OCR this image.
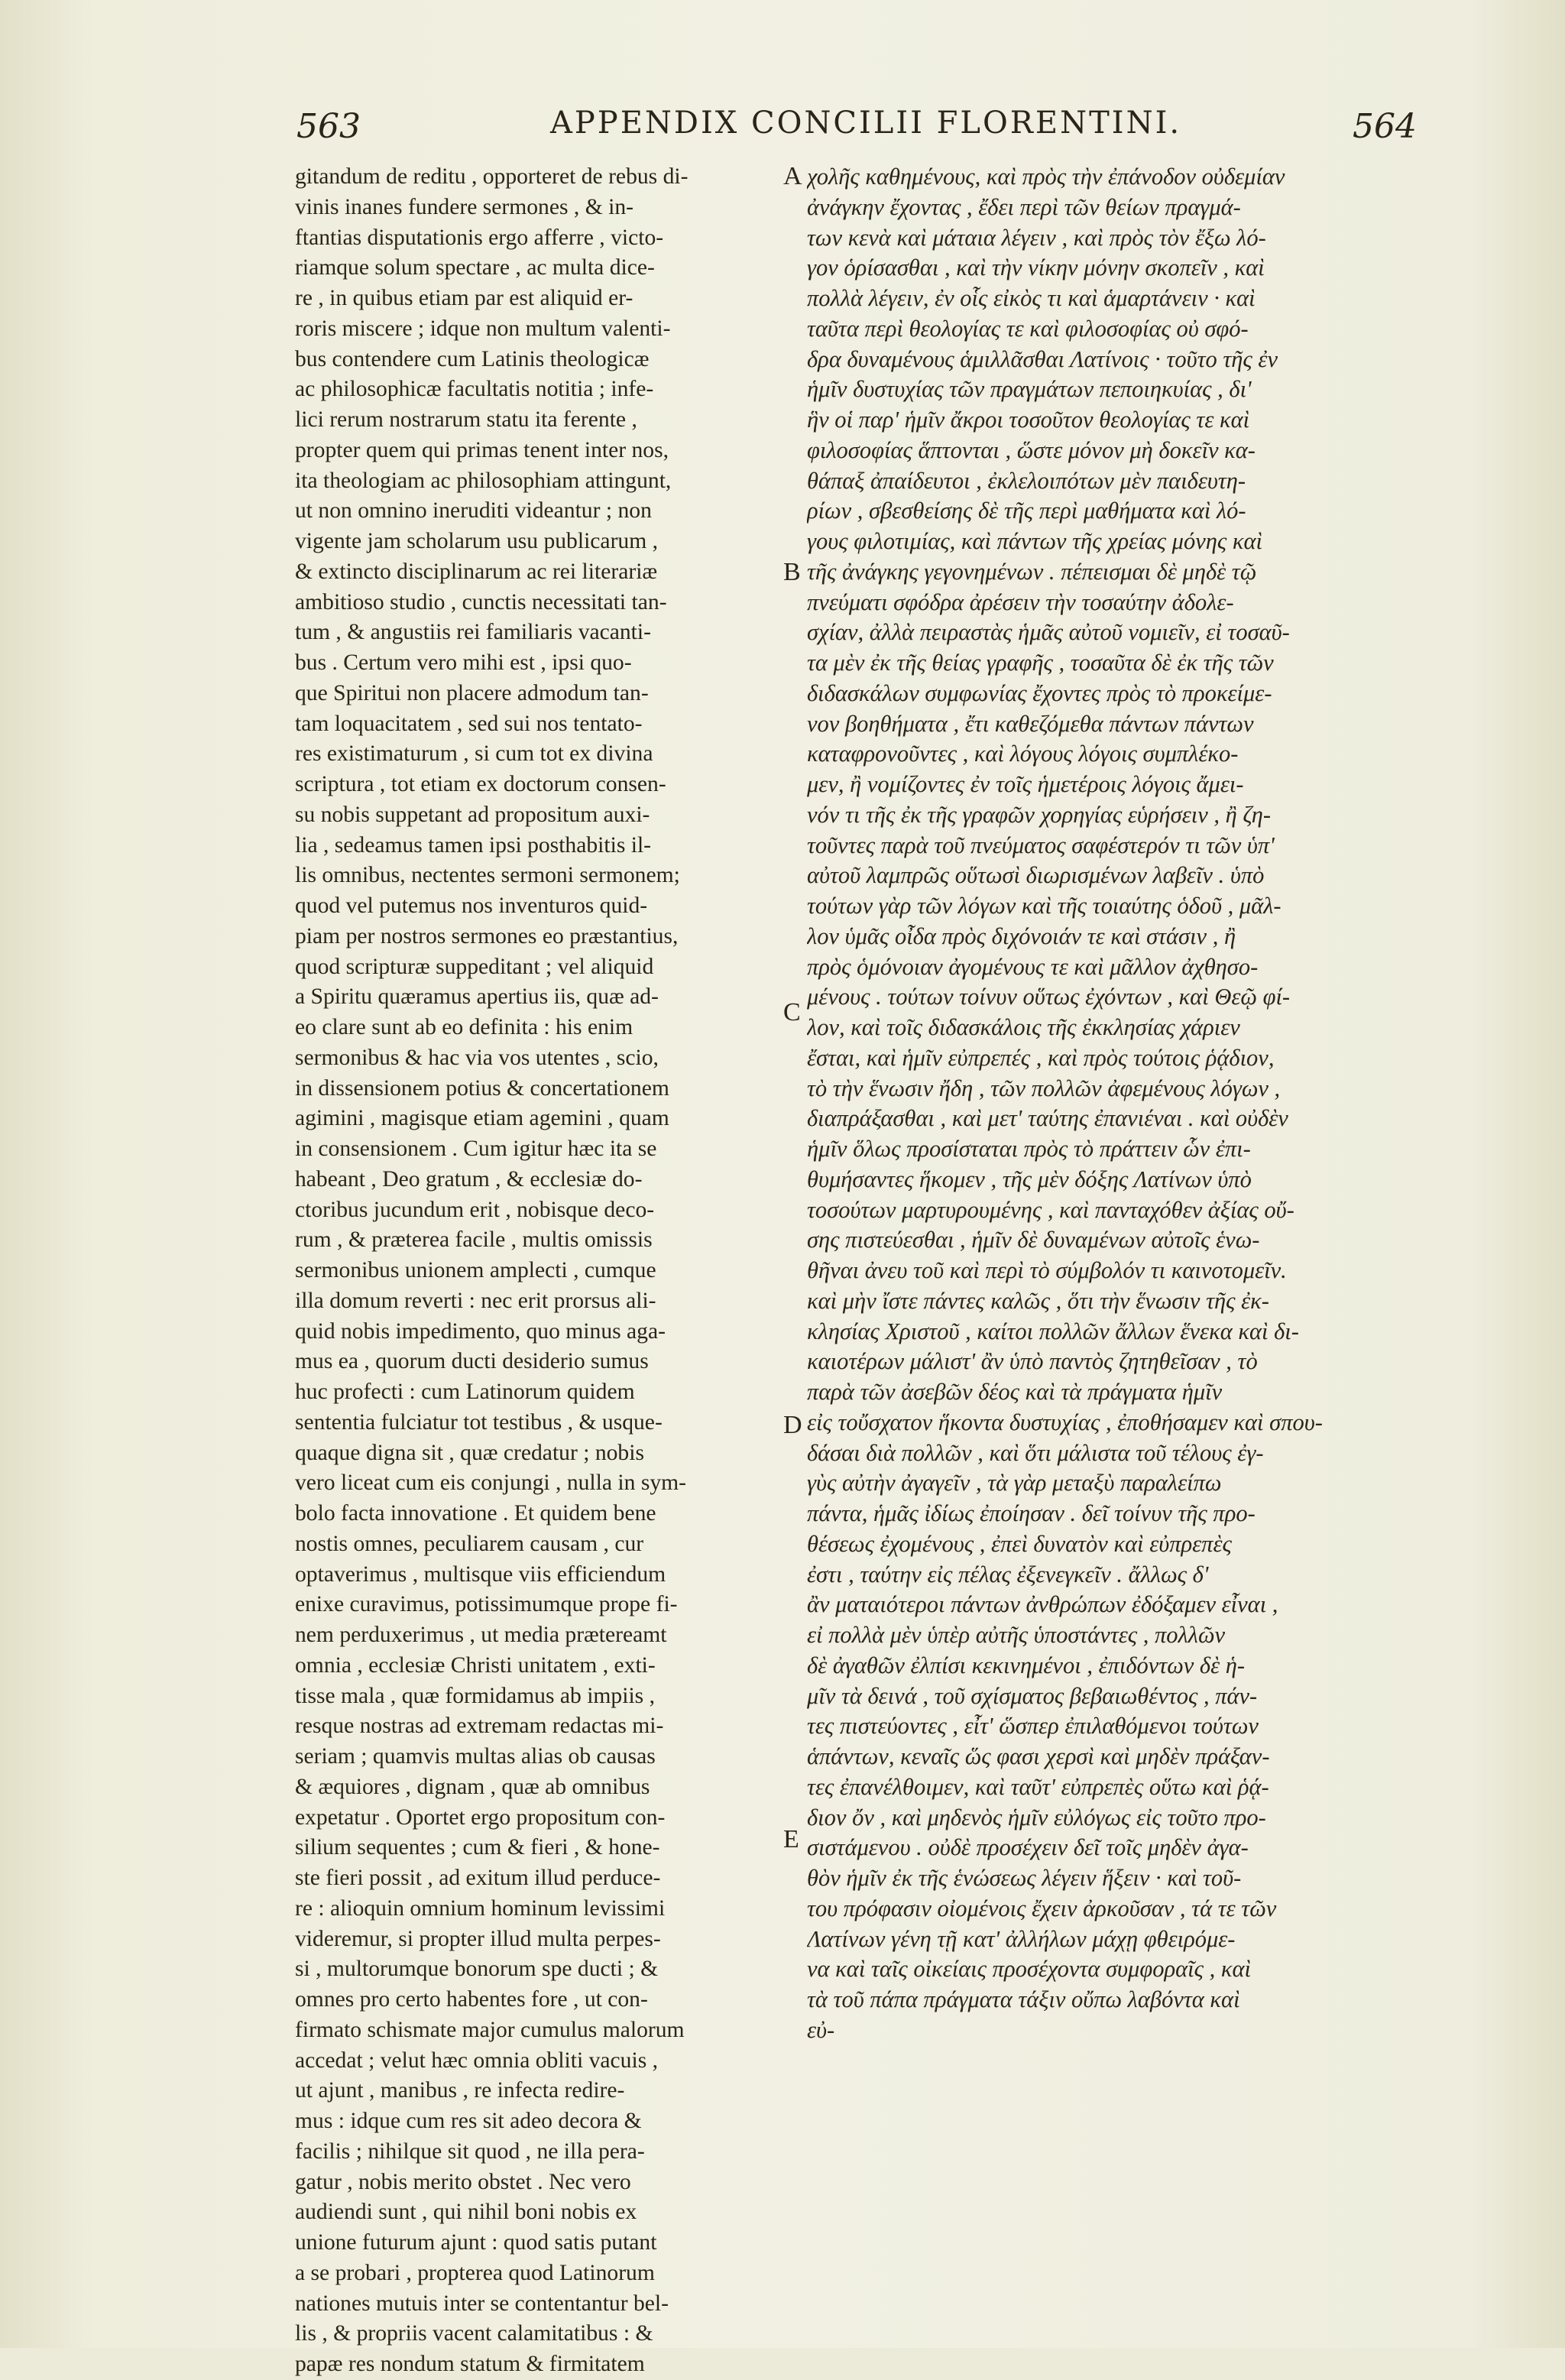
563	APPENDIX CONCILII FLORENTINI.	564
gitandum de reditu , opporteret de rebus di-
vinis inanes fundere sermones , & in-
ftantias disputationis ergo afferre , victo-
riamque solum spectare , ac multa dice-
re , in quibus etiam par est aliquid er-
roris miscere ; idque non multum valenti-
bus contendere cum Latinis theologicæ
ac philosophicæ facultatis notitia ; infe-
lici rerum nostrarum statu ita ferente ,
propter quem qui primas tenent inter nos,
ita theologiam ac philosophiam attingunt,
ut non omnino ineruditi videantur ; non
vigente jam scholarum usu publicarum ,
& extincto disciplinarum ac rei literariæ
ambitioso studio , cunctis necessitati tan-
tum , & angustiis rei familiaris vacanti-
bus . Certum vero mihi est , ipsi quo-
que Spiritui non placere admodum tan-
tam loquacitatem , sed sui nos tentato-
res existimaturum , si cum tot ex divina
scriptura , tot etiam ex doctorum consen-
su nobis suppetant ad propositum auxi-
lia , sedeamus tamen ipsi posthabitis il-
lis omnibus, nectentes sermoni sermonem;
quod vel putemus nos inventuros quid-
piam per nostros sermones eo præstantius,
quod scripturæ suppeditant ; vel aliquid
a Spiritu quæramus apertius iis, quæ ad-
eo clare sunt ab eo definita : his enim
sermonibus & hac via vos utentes , scio,
in dissensionem potius & concertationem
agimini , magisque etiam agemini , quam
in consensionem . Cum igitur hæc ita se
habeant , Deo gratum , & ecclesiæ do-
ctoribus jucundum erit , nobisque deco-
rum , & præterea facile , multis omissis
sermonibus unionem amplecti , cumque
illa domum reverti : nec erit prorsus ali-
quid nobis impedimento, quo minus aga-
mus ea , quorum ducti desiderio sumus
huc profecti : cum Latinorum quidem
sententia fulciatur tot testibus , & usque-
quaque digna sit , quæ credatur ; nobis
vero liceat cum eis conjungi , nulla in sym-
bolo facta innovatione . Et quidem bene
nostis omnes, peculiarem causam , cur
optaverimus , multisque viis efficiendum
enixe curavimus, potissimumque prope fi-
nem perduxerimus , ut media prætereamt
omnia , ecclesiæ Christi unitatem , exti-
tisse mala , quæ formidamus ab impiis ,
resque nostras ad extremam redactas mi-
seriam ; quamvis multas alias ob causas
& æquiores , dignam , quæ ab omnibus
expetatur . Oportet ergo propositum con-
silium sequentes ; cum & fieri , & hone-
ste fieri possit , ad exitum illud perduce-
re : alioquin omnium hominum levissimi
videremur, si propter illud multa perpes-
si , multorumque bonorum spe ducti ; &
omnes pro certo habentes fore , ut con-
firmato schismate major cumulus malorum
accedat ; velut hæc omnia obliti vacuis ,
ut ajunt , manibus , re infecta redire-
mus : idque cum res sit adeo decora &
facilis ; nihilque sit quod , ne illa pera-
gatur , nobis merito obstet . Nec vero
audiendi sunt , qui nihil boni nobis ex
unione futurum ajunt : quod satis putant
a se probari , propterea quod Latinorum
nationes mutuis inter se contentantur bel-
lis , & propriis vacent calamitatibus : &
papæ res nondum statum & firmitatem
A
B
C
D
E
χολῆς καθημένους, καὶ πρὸς τὴν ἐπάνοδον οὐδεμίαν
ἀνάγκην ἔχοντας , ἔδει περὶ τῶν θείων πραγμά-
των κενὰ καὶ μάταια λέγειν , καὶ πρὸς τὸν ἔξω λό-
γον ὁρίσασθαι , καὶ τὴν νίκην μόνην σκοπεῖν , καὶ
πολλὰ λέγειν, ἐν οἷς εἰκὸς τι καὶ ἁμαρτάνειν · καὶ
ταῦτα περὶ θεολογίας τε καὶ φιλοσοφίας οὐ σφό-
δρα δυναμένους ἁμιλλᾶσθαι Λατίνοις · τοῦτο τῆς ἐν
ἡμῖν δυστυχίας τῶν πραγμάτων πεποιηκυίας , δι'
ἣν οἱ παρ' ἡμῖν ἄκροι τοσοῦτον θεολογίας τε καὶ
φιλοσοφίας ἅπτονται , ὥστε μόνον μὴ δοκεῖν κα-
θάπαξ ἀπαίδευτοι , ἐκλελοιπότων μὲν παιδευτη-
ρίων , σβεσθείσης δὲ τῆς περὶ μαθήματα καὶ λό-
γους φιλοτιμίας, καὶ πάντων τῆς χρείας μόνης καὶ
τῆς ἀνάγκης γεγονημένων . πέπεισμαι δὲ μηδὲ τῷ
πνεύματι σφόδρα ἀρέσειν τὴν τοσαύτην ἀδολε-
σχίαν, ἀλλὰ πειραστὰς ἡμᾶς αὐτοῦ νομιεῖν, εἰ τοσαῦ-
τα μὲν ἐκ τῆς θείας γραφῆς , τοσαῦτα δὲ ἐκ τῆς τῶν
διδασκάλων συμφωνίας ἔχοντες πρὸς τὸ προκείμε-
νον βοηθήματα , ἔτι καθεζόμεθα πάντων πάντων
καταφρονοῦντες , καὶ λόγους λόγοις συμπλέκο-
μεν, ἢ νομίζοντες ἐν τοῖς ἡμετέροις λόγοις ἄμει-
νόν τι τῆς ἐκ τῆς γραφῶν χορηγίας εὑρήσειν , ἢ ζη-
τοῦντες παρὰ τοῦ πνεύματος σαφέστερόν τι τῶν ὑπ'
αὐτοῦ λαμπρῶς οὕτωσὶ διωρισμένων λαβεῖν . ὑπὸ
τούτων γὰρ τῶν λόγων καὶ τῆς τοιαύτης ὁδοῦ , μᾶλ-
λον ὑμᾶς οἶδα πρὸς διχόνοιάν τε καὶ στάσιν , ἢ
πρὸς ὁμόνοιαν ἀγομένους τε καὶ μᾶλλον ἀχθησο-
μένους . τούτων τοίνυν οὕτως ἐχόντων , καὶ Θεῷ φί-
λον, καὶ τοῖς διδασκάλοις τῆς ἐκκλησίας χάριεν
ἔσται, καὶ ἡμῖν εὐπρεπές , καὶ πρὸς τούτοις ῥᾴδιον,
τὸ τὴν ἕνωσιν ἤδη , τῶν πολλῶν ἀφεμένους λόγων ,
διαπράξασθαι , καὶ μετ' ταύτης ἐπανιέναι . καὶ οὐδὲν
ἡμῖν ὅλως προσίσταται πρὸς τὸ πράττειν ὧν ἐπι-
θυμήσαντες ἥκομεν , τῆς μὲν δόξης Λατίνων ὑπὸ
τοσούτων μαρτυρουμένης , καὶ πανταχόθεν ἀξίας οὔ-
σης πιστεύεσθαι , ἡμῖν δὲ δυναμένων αὐτοῖς ἑνω-
θῆναι ἀνευ τοῦ καὶ περὶ τὸ σύμβολόν τι καινοτομεῖν.
καὶ μὴν ἴστε πάντες καλῶς , ὅτι τὴν ἕνωσιν τῆς ἐκ-
κλησίας Χριστοῦ , καίτοι πολλῶν ἄλλων ἕνεκα καὶ δι-
καιοτέρων μάλιστ' ἂν ὑπὸ παντὸς ζητηθεῖσαν , τὸ
παρὰ τῶν ἀσεβῶν δέος καὶ τὰ πράγματα ἡμῖν
εἰς τοὔσχατον ἥκοντα δυστυχίας , ἐποθήσαμεν καὶ σπου-
δάσαι διὰ πολλῶν , καὶ ὅτι μάλιστα τοῦ τέλους ἐγ-
γὺς αὐτὴν ἀγαγεῖν , τὰ γὰρ μεταξὺ παραλείπω
πάντα, ἡμᾶς ἰδίως ἐποίησαν . δεῖ τοίνυν τῆς προ-
θέσεως ἐχομένους , ἐπεὶ δυνατὸν καὶ εὐπρεπὲς
ἐστι , ταύτην εἰς πέλας ἐξενεγκεῖν . ἄλλως δ'
ἂν ματαιότεροι πάντων ἀνθρώπων ἐδόξαμεν εἶναι ,
εἰ πολλὰ μὲν ὑπὲρ αὐτῆς ὑποστάντες , πολλῶν
δὲ ἀγαθῶν ἐλπίσι κεκινημένοι , ἐπιδόντων δὲ ἡ-
μῖν τὰ δεινά , τοῦ σχίσματος βεβαιωθέντος , πάν-
τες πιστεύοντες , εἶτ' ὥσπερ ἐπιλαθόμενοι τούτων
ἁπάντων, κεναῖς ὥς φασι χερσὶ καὶ μηδὲν πράξαν-
τες ἐπανέλθοιμεν, καὶ ταῦτ' εὐπρεπὲς οὕτω καὶ ῥᾴ-
διον ὄν , καὶ μηδενὸς ἡμῖν εὐλόγως εἰς τοῦτο πρo-
σιστάμενου . οὐδὲ προσέχειν δεῖ τοῖς μηδὲν ἀγα-
θὸν ἡμῖν ἐκ τῆς ἑνώσεως λέγειν ἥξειν · καὶ τοῦ-
του πρόφασιν οἰομένοις ἔχειν ἀρκοῦσαν , τά τε τῶν
Λατίνων γένη τῇ κατ' ἀλλήλων μάχῃ φθειρόμε-
να καὶ ταῖς οἰκείαις προσέχοντα συμφοραῖς , καὶ
τὰ τοῦ πάπα πράγματα τάξιν οὔπω λαβόντα καὶ
εὐ-
